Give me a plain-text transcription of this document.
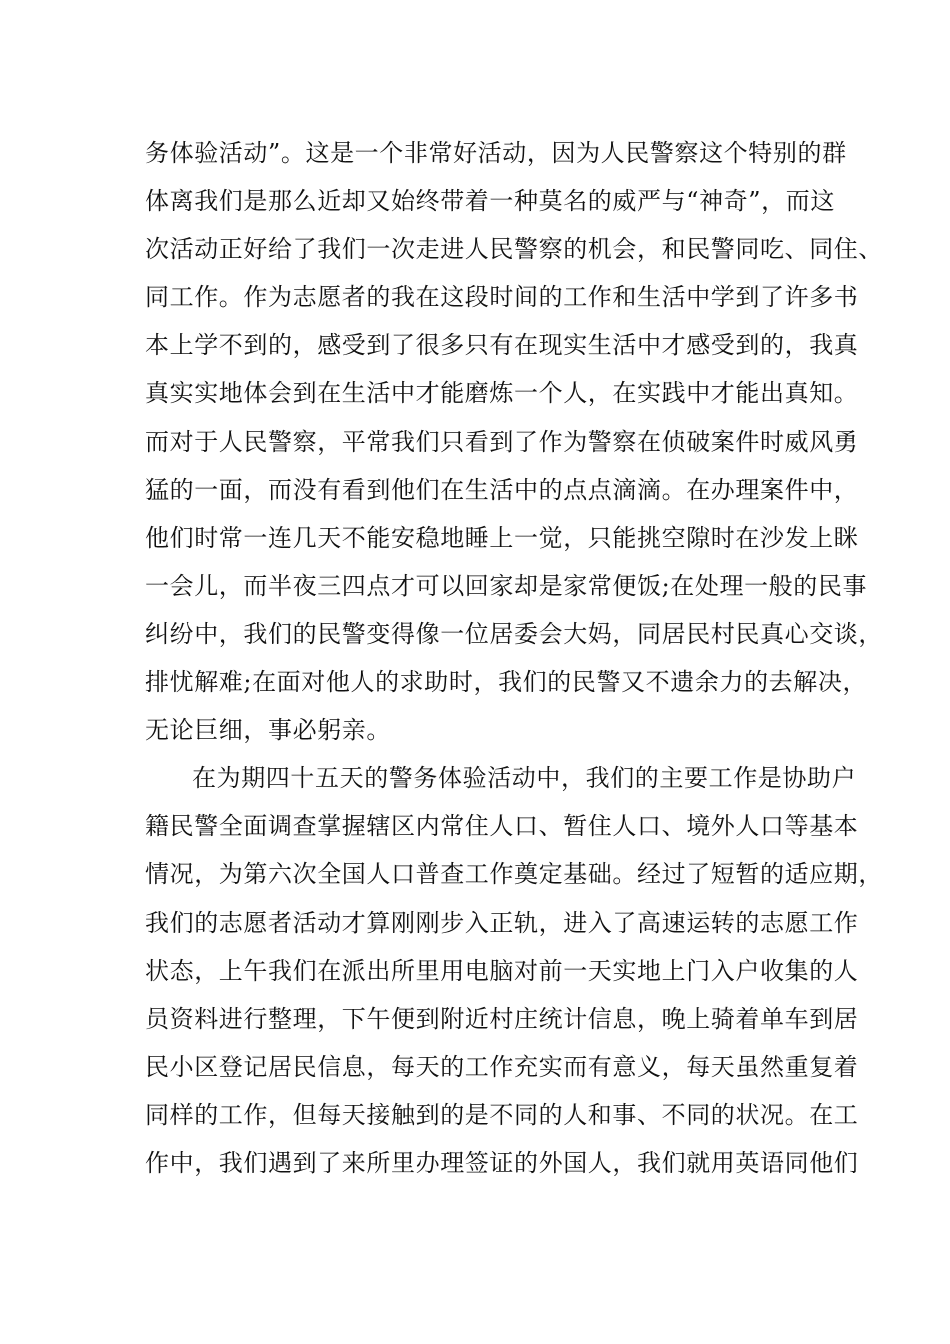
务体验活动”。这是一个非常好活动，因为人民警察这个特别的群
体离我们是那么近却又始终带着一种莫名的威严与“神奇”，而这
次活动正好给了我们一次走进人民警察的机会，和民警同吃、同住、
同工作。作为志愿者的我在这段时间的工作和生活中学到了许多书
本上学不到的，感受到了很多只有在现实生活中才感受到的，我真
真实实地体会到在生活中才能磨炼一个人，在实践中才能出真知。
而对于人民警察，平常我们只看到了作为警察在侦破案件时威风勇
猛的一面，而没有看到他们在生活中的点点滴滴。在办理案件中，
他们时常一连几天不能安稳地睡上一觉，只能挑空隙时在沙发上眯
一会儿，而半夜三四点才可以回家却是家常便饭;在处理一般的民事
纠纷中，我们的民警变得像一位居委会大妈，同居民村民真心交谈，
排忧解难;在面对他人的求助时，我们的民警又不遗余力的去解决，
无论巨细，事必躬亲。
在为期四十五天的警务体验活动中，我们的主要工作是协助户
籍民警全面调查掌握辖区内常住人口、暂住人口、境外人口等基本
情况，为第六次全国人口普查工作奠定基础。经过了短暂的适应期，
我们的志愿者活动才算刚刚步入正轨，进入了高速运转的志愿工作
状态，上午我们在派出所里用电脑对前一天实地上门入户收集的人
员资料进行整理，下午便到附近村庄统计信息，晚上骑着单车到居
民小区登记居民信息，每天的工作充实而有意义，每天虽然重复着
同样的工作，但每天接触到的是不同的人和事、不同的状况。在工
作中，我们遇到了来所里办理签证的外国人，我们就用英语同他们
